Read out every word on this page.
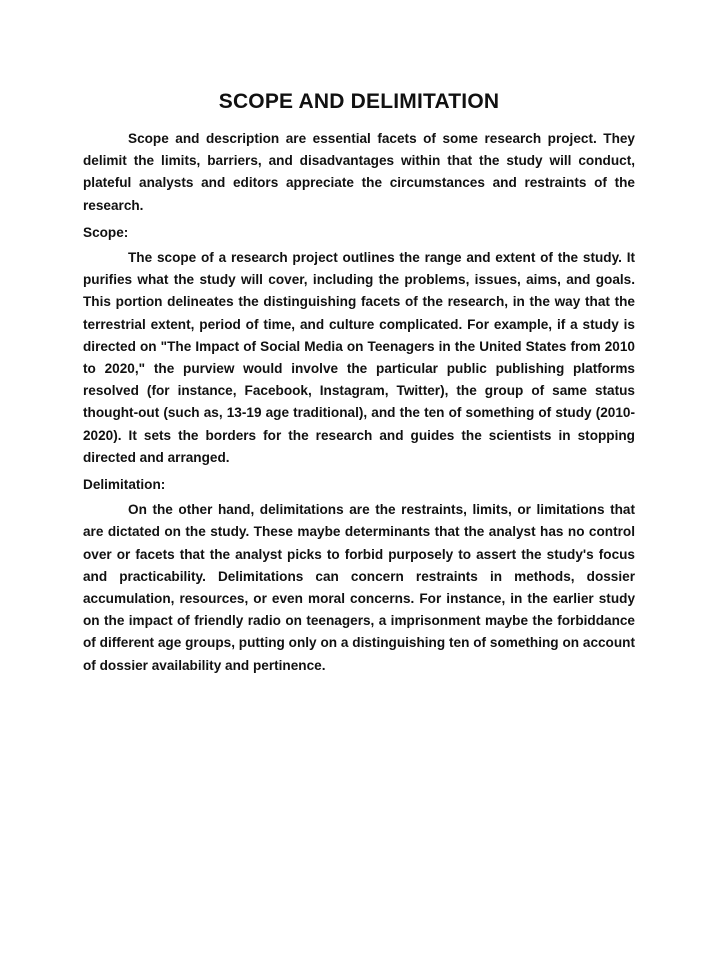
SCOPE AND DELIMITATION

Scope and description are essential facets of some research project. They delimit the limits, barriers, and disadvantages within that the study will conduct, plateful analysts and editors appreciate the circumstances and restraints of the research.

Scope:

The scope of a research project outlines the range and extent of the study. It purifies what the study will cover, including the problems, issues, aims, and goals. This portion delineates the distinguishing facets of the research, in the way that the terrestrial extent, period of time, and culture complicated. For example, if a study is directed on "The Impact of Social Media on Teenagers in the United States from 2010 to 2020," the purview would involve the particular public publishing platforms resolved (for instance, Facebook, Instagram, Twitter), the group of same status thought-out (such as, 13-19 age traditional), and the ten of something of study (2010-2020). It sets the borders for the research and guides the scientists in stopping directed and arranged.

Delimitation:

On the other hand, delimitations are the restraints, limits, or limitations that are dictated on the study. These maybe determinants that the analyst has no control over or facets that the analyst picks to forbid purposely to assert the study's focus and practicability. Delimitations can concern restraints in methods, dossier accumulation, resources, or even moral concerns. For instance, in the earlier study on the impact of friendly radio on teenagers, a imprisonment maybe the forbiddance of different age groups, putting only on a distinguishing ten of something on account of dossier availability and pertinence.
